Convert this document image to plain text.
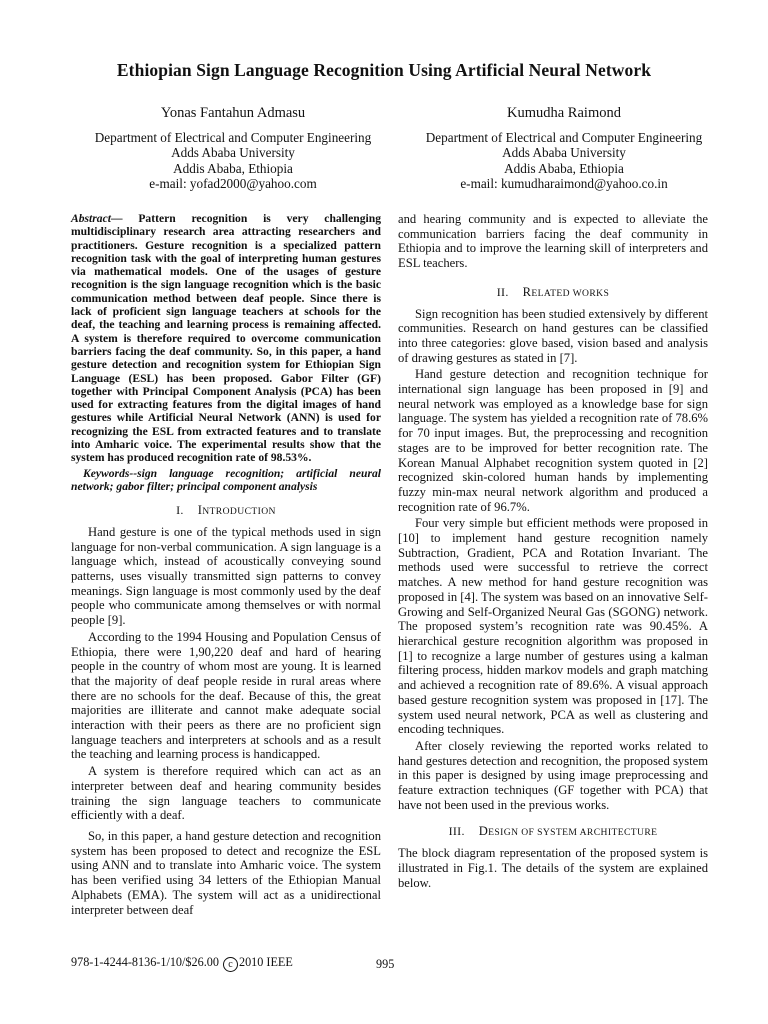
Ethiopian Sign Language Recognition Using Artificial Neural Network
Yonas Fantahun Admasu
Department of Electrical and Computer Engineering
Adds Ababa University
Addis Ababa, Ethiopia
e-mail: yofad2000@yahoo.com
Kumudha Raimond
Department of Electrical and Computer Engineering
Adds Ababa University
Addis Ababa, Ethiopia
e-mail: kumudharaimond@yahoo.co.in

Abstract— Pattern recognition is very challenging multidisciplinary research area attracting researchers and practitioners. Gesture recognition is a specialized pattern recognition task with the goal of interpreting human gestures via mathematical models. One of the usages of gesture recognition is the sign language recognition which is the basic communication method between deaf people. Since there is lack of proficient sign language teachers at schools for the deaf, the teaching and learning process is remaining affected. A system is therefore required to overcome communication barriers facing the deaf community. So, in this paper, a hand gesture detection and recognition system for Ethiopian Sign Language (ESL) has been proposed. Gabor Filter (GF) together with Principal Component Analysis (PCA) has been used for extracting features from the digital images of hand gestures while Artificial Neural Network (ANN) is used for recognizing the ESL from extracted features and to translate into Amharic voice. The experimental results show that the system has produced recognition rate of 98.53%.

Keywords--sign language recognition; artificial neural network; gabor filter; principal component analysis

I. INTRODUCTION

Hand gesture is one of the typical methods used in sign language for non-verbal communication. A sign language is a language which, instead of acoustically conveying sound patterns, uses visually transmitted sign patterns to convey meanings. Sign language is most commonly used by the deaf people who communicate among themselves or with normal people [9].

According to the 1994 Housing and Population Census of Ethiopia, there were 1,90,220 deaf and hard of hearing people in the country of whom most are young. It is learned that the majority of deaf people reside in rural areas where there are no schools for the deaf. Because of this, the great majorities are illiterate and cannot make adequate social interaction with their peers as there are no proficient sign language teachers and interpreters at schools and as a result the teaching and learning process is handicapped.

A system is therefore required which can act as an interpreter between deaf and hearing community besides training the sign language teachers to communicate efficiently with a deaf.

So, in this paper, a hand gesture detection and recognition system has been proposed to detect and recognize the ESL using ANN and to translate into Amharic voice. The system has been verified using 34 letters of the Ethiopian Manual Alphabets (EMA). The system will act as a unidirectional interpreter between deaf

and hearing community and is expected to alleviate the communication barriers facing the deaf community in Ethiopia and to improve the learning skill of interpreters and ESL teachers.

II. RELATED WORKS

Sign recognition has been studied extensively by different communities. Research on hand gestures can be classified into three categories: glove based, vision based and analysis of drawing gestures as stated in [7].

Hand gesture detection and recognition technique for international sign language has been proposed in [9] and neural network was employed as a knowledge base for sign language. The system has yielded a recognition rate of 78.6% for 70 input images. But, the preprocessing and recognition stages are to be improved for better recognition rate. The Korean Manual Alphabet recognition system quoted in [2] recognized skin-colored human hands by implementing fuzzy min-max neural network algorithm and produced a recognition rate of 96.7%.

Four very simple but efficient methods were proposed in [10] to implement hand gesture recognition namely Subtraction, Gradient, PCA and Rotation Invariant. The methods used were successful to retrieve the correct matches. A new method for hand gesture recognition was proposed in [4]. The system was based on an innovative Self-Growing and Self-Organized Neural Gas (SGONG) network. The proposed system’s recognition rate was 90.45%. A hierarchical gesture recognition algorithm was proposed in [1] to recognize a large number of gestures using a kalman filtering process, hidden markov models and graph matching and achieved a recognition rate of 89.6%. A visual approach based gesture recognition system was proposed in [17]. The system used neural network, PCA as well as clustering and encoding techniques.

After closely reviewing the reported works related to hand gestures detection and recognition, the proposed system in this paper is designed by using image preprocessing and feature extraction techniques (GF together with PCA) that have not been used in the previous works.

III. DESIGN OF SYSTEM ARCHITECTURE

The block diagram representation of the proposed system is illustrated in Fig.1. The details of the system are explained below.

978-1-4244-8136-1/10/$26.00 c 2010 IEEE	995
